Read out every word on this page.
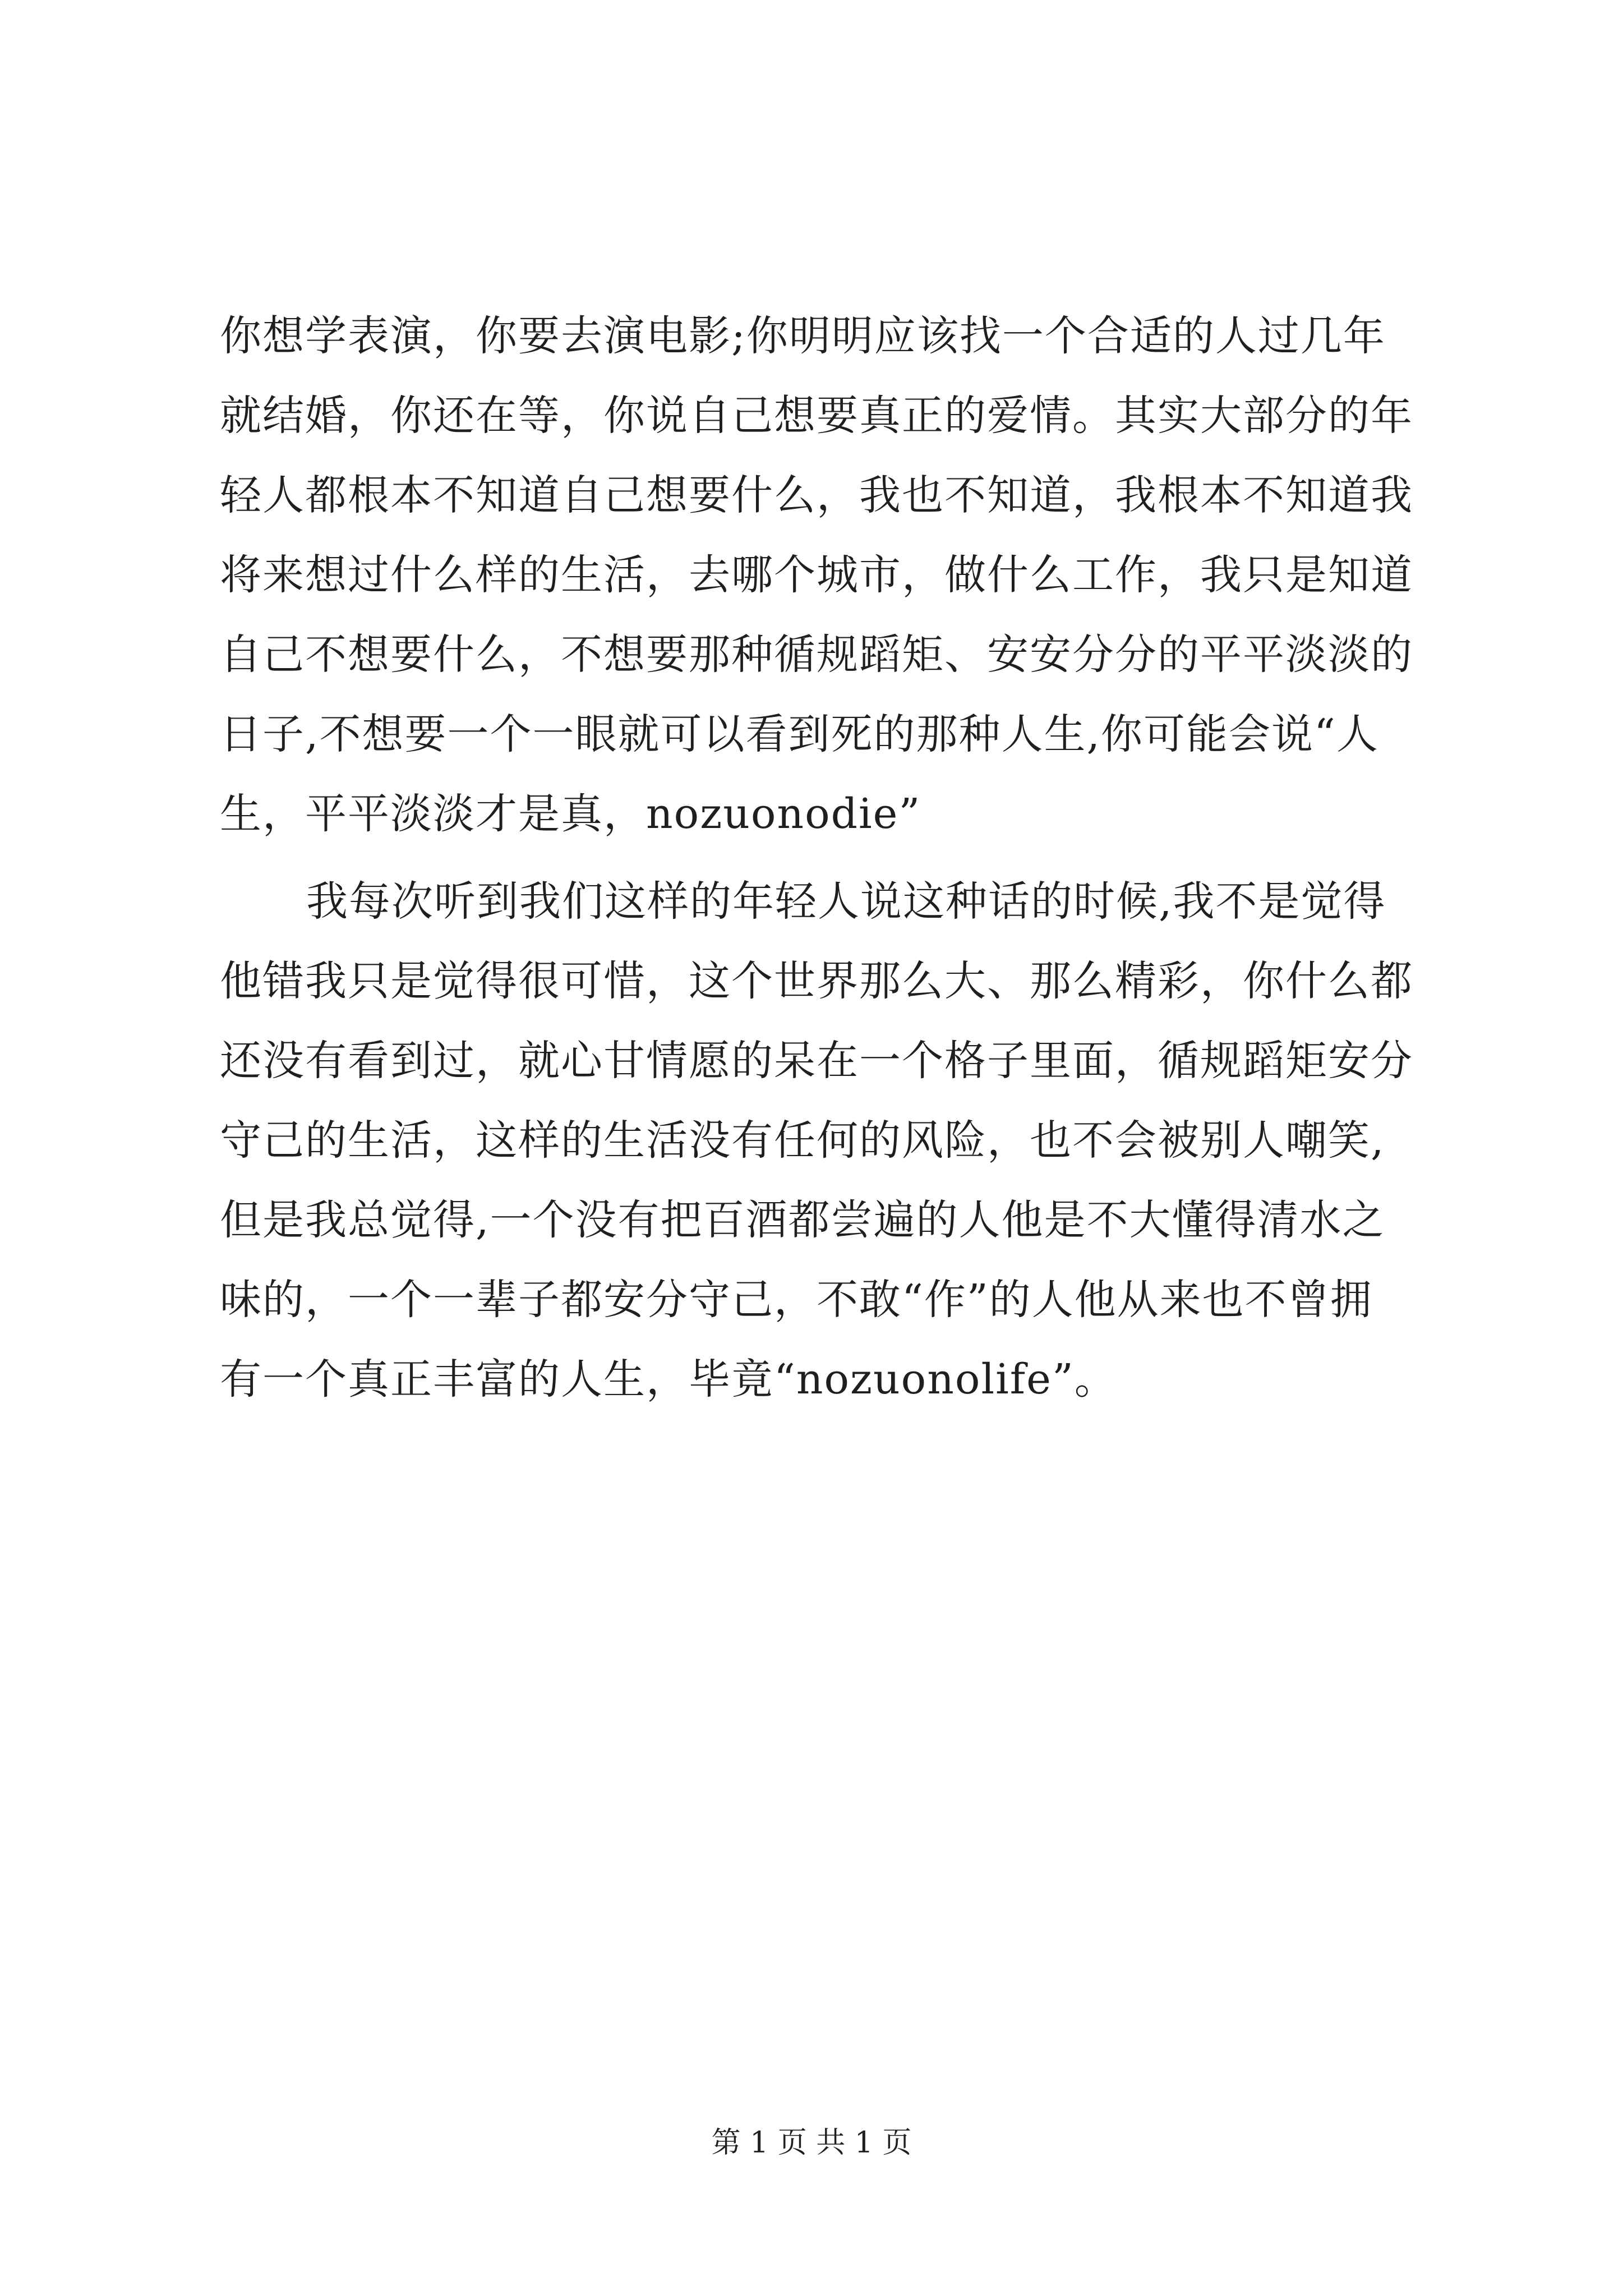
你想学表演，你要去演电影;你明明应该找一个合适的人过几年
就结婚，你还在等，你说自己想要真正的爱情。其实大部分的年
轻人都根本不知道自己想要什么，我也不知道，我根本不知道我
将来想过什么样的生活，去哪个城市，做什么工作，我只是知道
自己不想要什么，不想要那种循规蹈矩、安安分分的平平淡淡的
日子,不想要一个一眼就可以看到死的那种人生,你可能会说“人
生，平平淡淡才是真，nozuonodie”
我每次听到我们这样的年轻人说这种话的时候,我不是觉得
他错我只是觉得很可惜，这个世界那么大、那么精彩，你什么都
还没有看到过，就心甘情愿的呆在一个格子里面，循规蹈矩安分
守己的生活，这样的生活没有任何的风险，也不会被别人嘲笑,
但是我总觉得,一个没有把百酒都尝遍的人他是不大懂得清水之
味的，一个一辈子都安分守己，不敢“作”的人他从来也不曾拥
有一个真正丰富的人生，毕竟“nozuonolife”。
第 1 页 共 1 页
